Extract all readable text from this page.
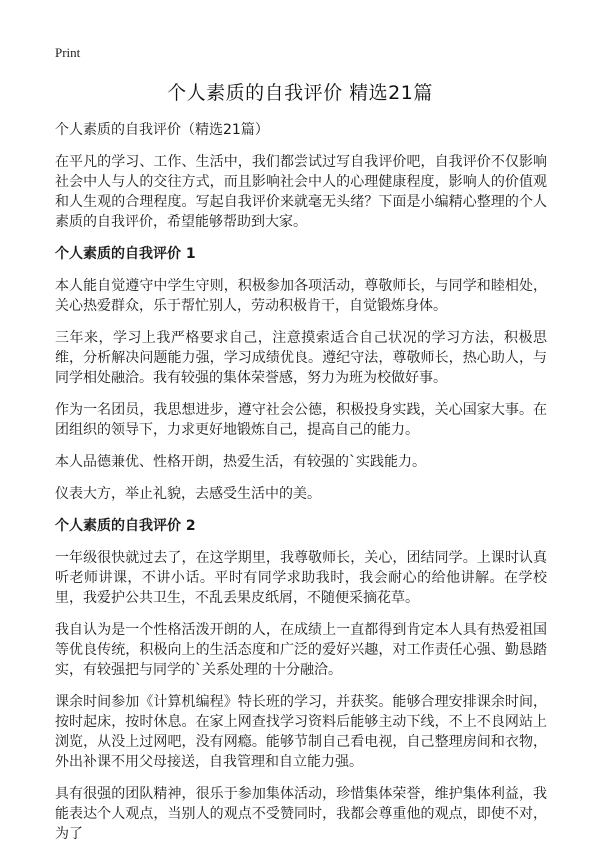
Print
个人素质的自我评价 精选21篇

个人素质的自我评价（精选21篇）

在平凡的学习、工作、生活中，我们都尝试过写自我评价吧，自我评价不仅影响社会中人与人的交往方式，而且影响社会中人的心理健康程度，影响人的价值观和人生观的合理程度。写起自我评价来就毫无头绪？下面是小编精心整理的个人素质的自我评价，希望能够帮助到大家。

个人素质的自我评价 1

本人能自觉遵守中学生守则，积极参加各项活动，尊敬师长，与同学和睦相处，关心热爱群众，乐于帮忙别人，劳动积极肯干，自觉锻炼身体。

三年来，学习上我严格要求自己，注意摸索适合自己状况的学习方法，积极思维，分析解决问题能力强，学习成绩优良。遵纪守法，尊敬师长，热心助人，与同学相处融洽。我有较强的集体荣誉感，努力为班为校做好事。

作为一名团员，我思想进步，遵守社会公德，积极投身实践，关心国家大事。在团组织的领导下，力求更好地锻炼自己，提高自己的能力。

本人品德兼优、性格开朗，热爱生活，有较强的`实践能力。

仪表大方，举止礼貌，去感受生活中的美。

个人素质的自我评价 2

一年级很快就过去了，在这学期里，我尊敬师长，关心，团结同学。上课时认真听老师讲课，不讲小话。平时有同学求助我时，我会耐心的给他讲解。在学校里，我爱护公共卫生，不乱丢果皮纸屑，不随便采摘花草。

我自认为是一个性格活泼开朗的人，在成绩上一直都得到肯定本人具有热爱祖国等优良传统，积极向上的生活态度和广泛的爱好兴趣，对工作责任心强、勤恳踏实，有较强把与同学的`关系处理的十分融洽。

课余时间参加《计算机编程》特长班的学习，并获奖。能够合理安排课余时间，按时起床，按时休息。在家上网查找学习资料后能够主动下线，不上不良网站上浏览，从没上过网吧，没有网瘾。能够节制自己看电视，自己整理房间和衣物，外出补课不用父母接送，自我管理和自立能力强。

具有很强的团队精神，很乐于参加集体活动，珍惜集体荣誉，维护集体利益，我能表达个人观点，当别人的观点不受赞同时，我都会尊重他的观点，即使不对，为了
